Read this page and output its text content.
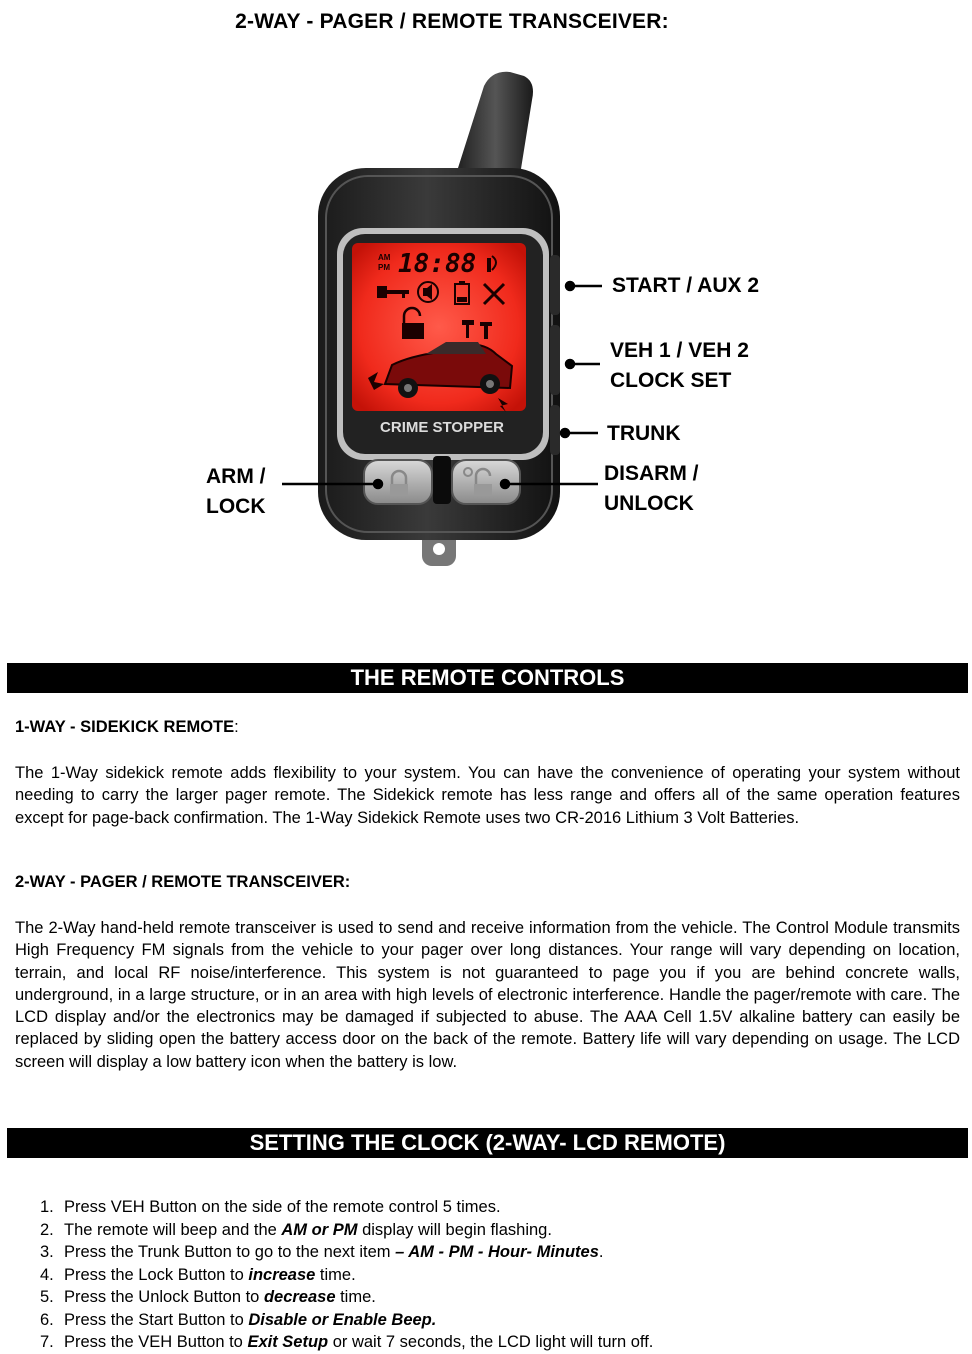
2-WAY - PAGER / REMOTE TRANSCEIVER:
AM
PM 18:88
CRIME STOPPER
START / AUX 2
VEH 1 / VEH 2
CLOCK SET
TRUNK
ARM /
LOCK
DISARM /
UNLOCK
THE REMOTE CONTROLS
1-WAY - SIDEKICK REMOTE:

The 1-Way sidekick remote adds flexibility to your system. You can have the convenience of operating your system without needing to carry the larger pager remote. The Sidekick remote has less range and offers all of the same operation features except for page-back confirmation. The 1-Way Sidekick Remote uses two CR-2016 Lithium 3 Volt Batteries.

2-WAY - PAGER / REMOTE TRANSCEIVER:

The 2-Way hand-held remote transceiver is used to send and receive information from the vehicle. The Control Module transmits High Frequency FM signals from the vehicle to your pager over long distances. Your range will vary depending on location, terrain, and local RF noise/interference. This system is not guaranteed to page you if you are behind concrete walls, underground, in a large structure, or in an area with high levels of electronic interference. Handle the pager/remote with care. The LCD display and/or the electronics may be damaged if subjected to abuse. The AAA Cell 1.5V alkaline battery can easily be replaced by sliding open the battery access door on the back of the remote. Battery life will vary depending on usage. The LCD screen will display a low battery icon when the battery is low.

SETTING THE CLOCK (2-WAY- LCD REMOTE)
1. Press VEH Button on the side of the remote control 5 times.
2. The remote will beep and the AM or PM display will begin flashing.
3. Press the Trunk Button to go to the next item – AM - PM - Hour- Minutes.
4. Press the Lock Button to increase time.
5. Press the Unlock Button to decrease time.
6. Press the Start Button to Disable or Enable Beep.
7. Press the VEH Button to Exit Setup or wait 7 seconds, the LCD light will turn off.
